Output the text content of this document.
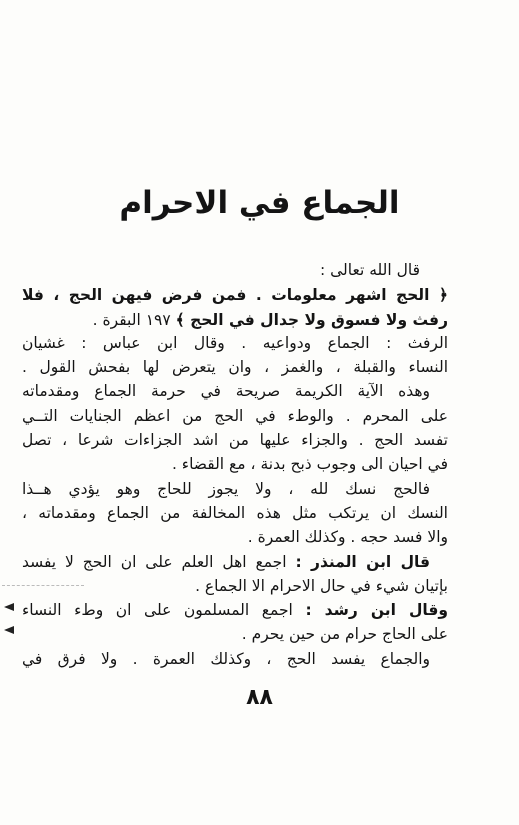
الجماع في الاحرام
قال الله تعالى :
﴿ الحج اشهر معلومات . فمن فرض فيهن الحج ، فلا
رفث ولا فسوق ولا جدال في الحج ﴾ ١٩٧ البقرة .
الرفث : الجماع ودواعيه . وقال ابن عباس : غشيان
النساء والقبلة ، والغمز ، وان يتعرض لها بفحش القول .
وهذه الآية الكريمة صريحة في حرمة الجماع ومقدماته
على المحرم . والوطء في الحج من اعظم الجنايات التــي
تفسد الحج . والجزاء عليها من اشد الجزاءات شرعا ، تصل
في احيان الى وجوب ذبح بدنة ، مع القضاء .
فالحج نسك لله ، ولا يجوز للحاج وهو يؤدي هــذا
النسك ان يرتكب مثل هذه المخالفة من الجماع ومقدماته ،
والا فسد حجه . وكذلك العمرة .
قال ابن المنذر : اجمع اهل العلم على ان الحج لا يفسد
بإتيان شيء في حال الاحرام الا الجماع .
وقال ابن رشد : اجمع المسلمون على ان وطء النساء
على الحاج حرام من حين يحرم .
والجماع يفسد الحج ، وكذلك العمرة . ولا فرق في
٨٨
